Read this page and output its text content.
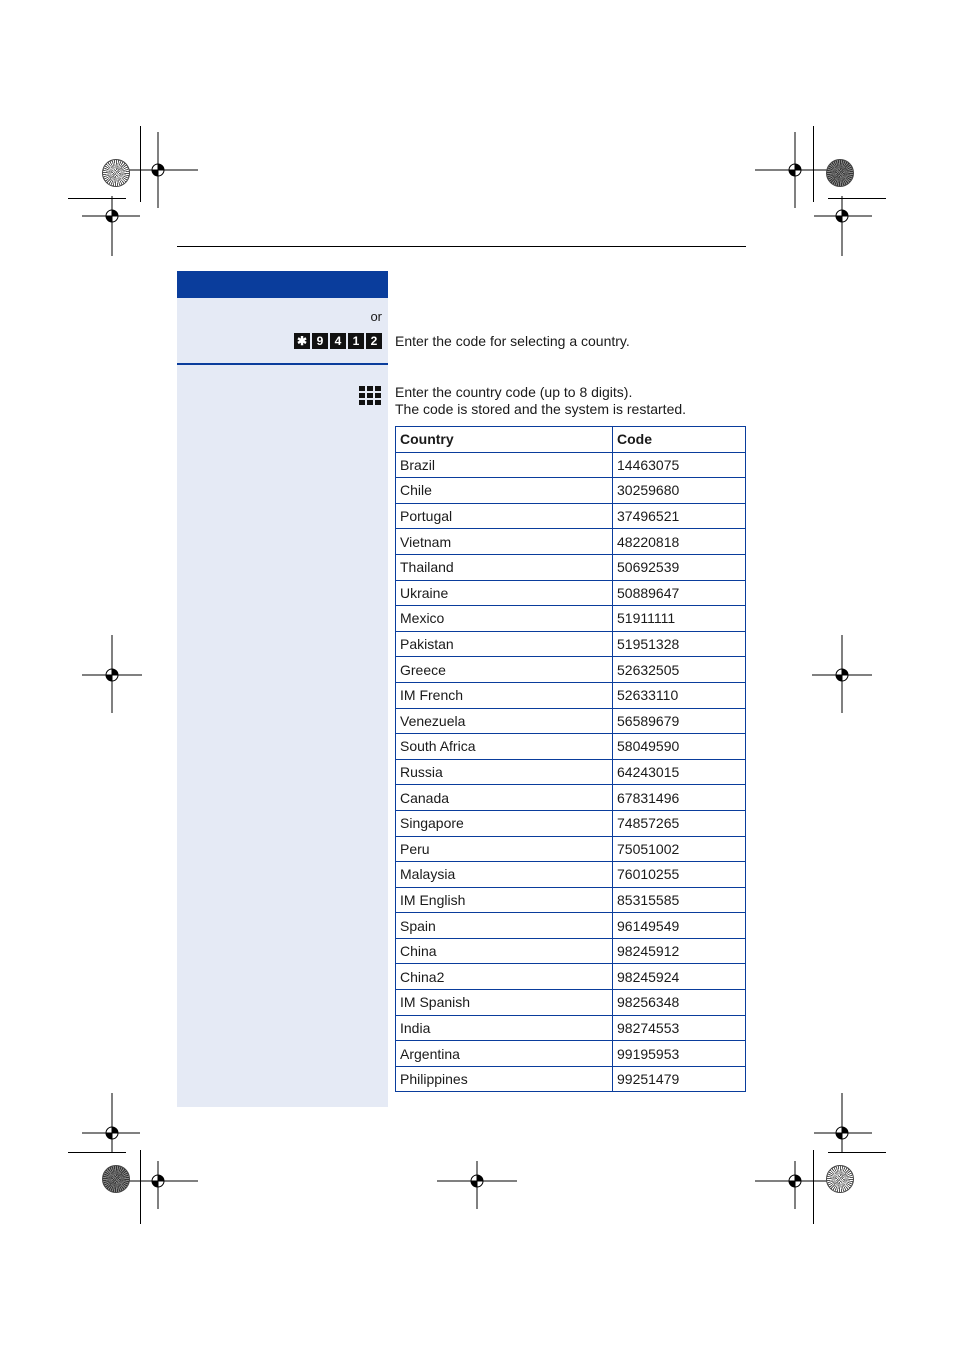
or
✱ 9 4 1 2	Enter the code for selecting a country.
Enter the country code (up to 8 digits).
The code is stored and the system is restarted.
Country	Code
Brazil	14463075
Chile	30259680
Portugal	37496521
Vietnam	48220818
Thailand	50692539
Ukraine	50889647
Mexico	51911111
Pakistan	51951328
Greece	52632505
IM French	52633110
Venezuela	56589679
South Africa	58049590
Russia	64243015
Canada	67831496
Singapore	74857265
Peru	75051002
Malaysia	76010255
IM English	85315585
Spain	96149549
China	98245912
China2	98245924
IM Spanish	98256348
India	98274553
Argentina	99195953
Philippines	99251479
